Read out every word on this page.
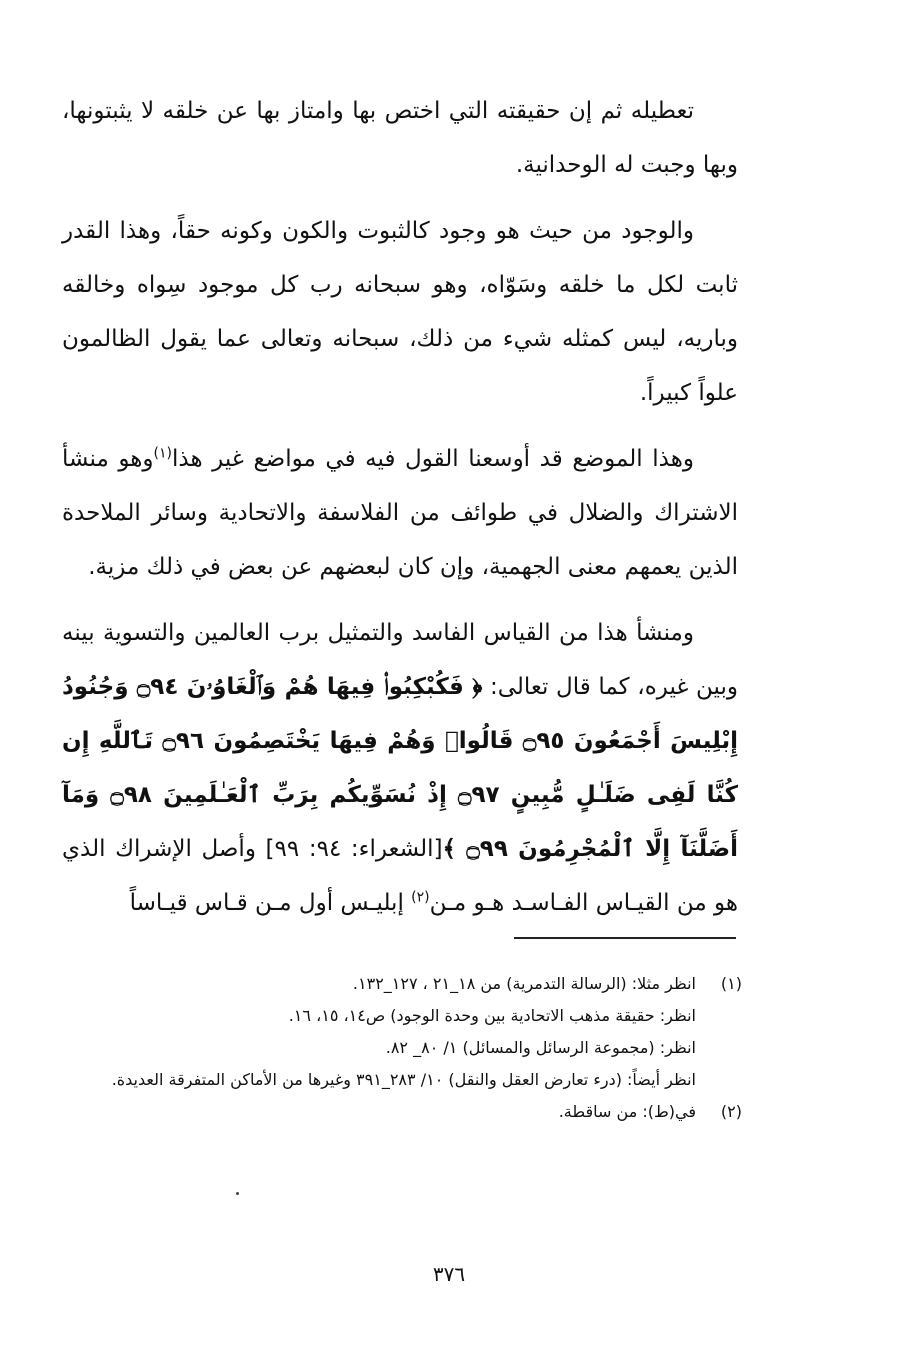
تعطيله ثم إن حقيقته التي اختص بها وامتاز بها عن خلقه لا يثبتونها، وبها وجبت له الوحدانية.

والوجود من حيث هو وجود كالثبوت والكون وكونه حقاً، وهذا القدر ثابت لكل ما خلقه وسَوّاه، وهو سبحانه رب كل موجود سِواه وخالقه وباريه، ليس كمثله شيء من ذلك، سبحانه وتعالى عما يقول الظالمون علواً كبيراً.

وهذا الموضع قد أوسعنا القول فيه في مواضع غير هذا$^{(١)}$وهو منشأ الاشتراك والضلال في طوائف من الفلاسفة والاتحادية وسائر الملاحدة الذين يعمهم معنى الجهمية، وإن كان لبعضهم عن بعض في ذلك مزية.

ومنشأ هذا من القياس الفاسد والتمثيل برب العالمين والتسوية بينه وبين غيره، كما قال تعالى: ﴿ فَكُبْكِبُوا۟ فِيهَا هُمْ وَٱلْغَاوُۥنَ ۝٩٤ وَجُنُودُ إِبْلِيسَ أَجْمَعُونَ ۝٩٥ قَالُوا۟ وَهُمْ فِيهَا يَخْتَصِمُونَ ۝٩٦ تَٱللَّهِ إِن كُنَّا لَفِى ضَلَـٰلٍ مُّبِينٍ ۝٩٧ إِذْ نُسَوِّيكُم بِرَبِّ ٱلْعَـٰلَمِينَ ۝٩٨ وَمَآ أَضَلَّنَآ إِلَّا ٱلْمُجْرِمُونَ ۝٩٩ ﴾[الشعراء: ٩٤: ٩٩] وأصل الإشراك الذي هو من القيـاس الفـاسـد هـو مـن$^{(٢)}$ إبليـس أول مـن قـاس قيـاساً

(١)
انظر مثلا: (الرسالة التدمرية) من ١٨_٢١ ، ١٢٧_١٣٢.
انظر: حقيقة مذهب الاتحادية بين وحدة الوجود) ص١٤، ١٥، ١٦.
انظر: (مجموعة الرسائل والمسائل) ١/ ٨٠_ ٨٢.
انظر أيضاً: (درء تعارض العقل والنقل) ١٠/ ٢٨٣_٣٩١ وغيرها من الأماكن المتفرقة العديدة.
(٢)
في(ط): من ساقطة.
٣٧٦
